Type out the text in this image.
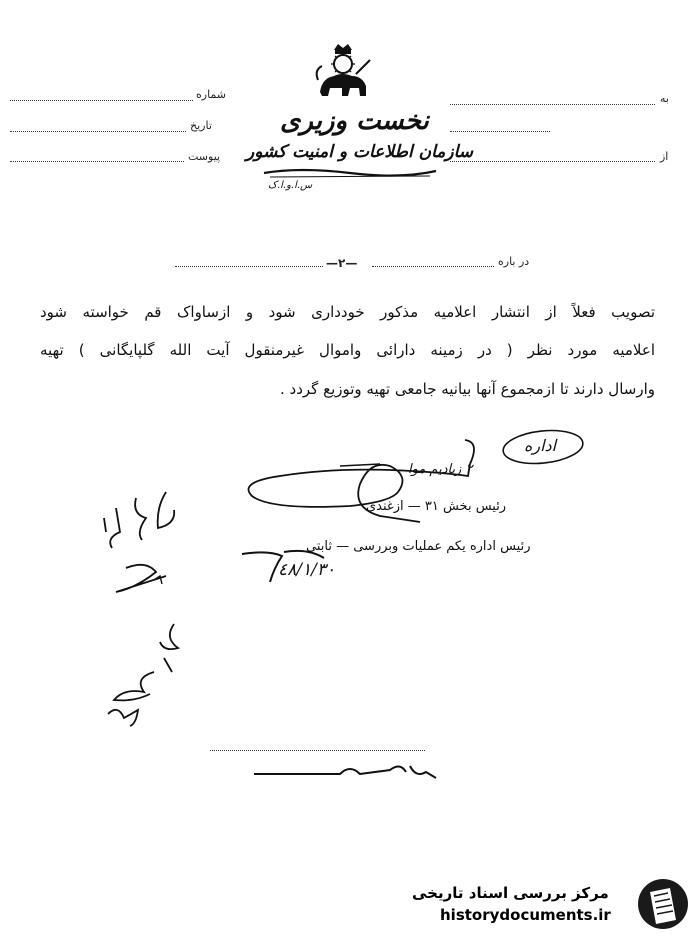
به
از
شماره
تاریخ
پیوست
نخست وزیری
سازمان اطلاعات و امنیت کشور
س.ا.و.ا.ک
در باره
—٢—
تصویب فعلاً از انتشار اعلامیه مذکور خودداری شود و ازساواک قم خواسته شود
اعلامیه مورد نظر ( در زمینه دارائی واموال غیرمنقول آیت الله گلپایگانی ) تهیه
وارسال دارند تا ازمجموع آنها بیانیه جامعی تهیه وتوزیع گردد .
اداره
٢ زیادیم موا
رئیس بخش ٣١ — ازغندی
رئیس اداره یکم عملیات وبررسی — ثابتی
٤٨/١/٣٠
مرکز بررسی اسناد تاریخی
historydocuments.ir
